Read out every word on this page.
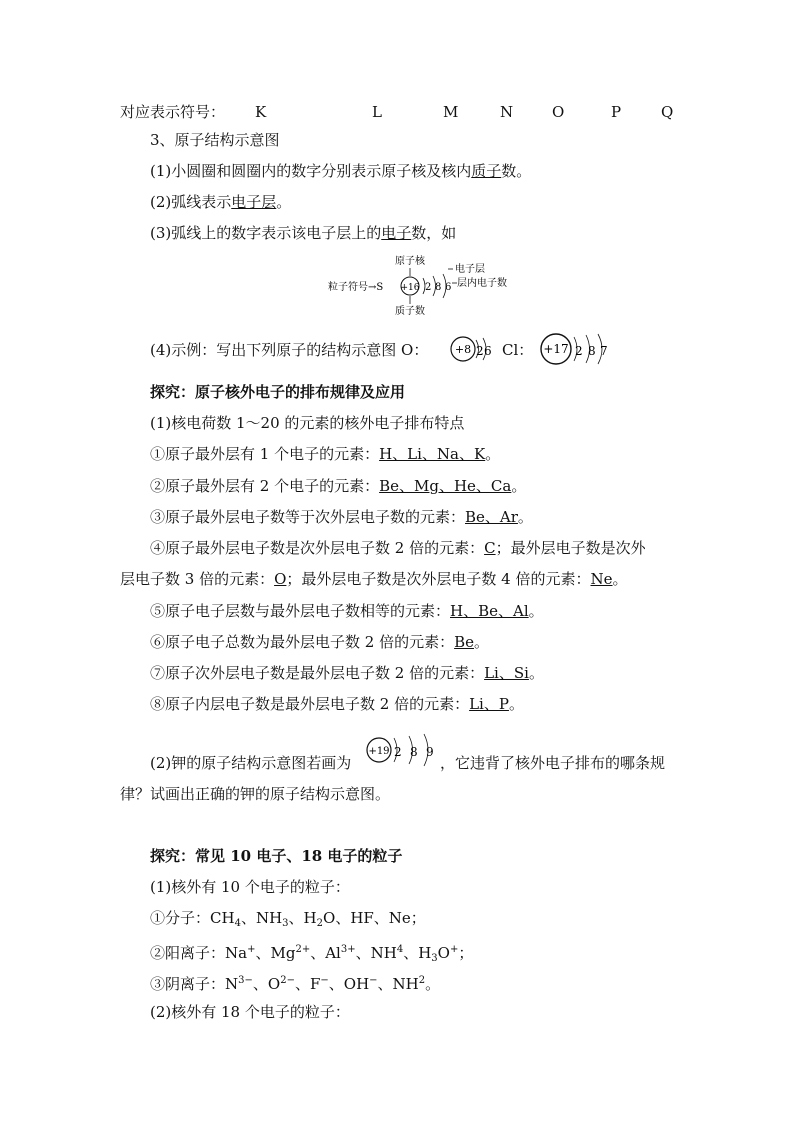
对应表示符号： K	L	M	N	O	P	Q
3、原子结构示意图
(1)小圆圈和圆圈内的数字分别表示原子核及核内质子数。
(2)弧线表示电子层。
(3)弧线上的数字表示该电子层上的电子数，如
原子核
粒子符号→S +16 2 8 6
电子层
层内电子数
质子数
(4)示例：写出下列原子的结构示意图 O： +8 2 6 Cl： +17 2 8 7
探究：原子核外电子的排布规律及应用
(1)核电荷数 1～20 的元素的核外电子排布特点
①原子最外层有 1 个电子的元素：H、Li、Na、K。
②原子最外层有 2 个电子的元素：Be、Mg、He、Ca。
③原子最外层电子数等于次外层电子数的元素：Be、Ar。
④原子最外层电子数是次外层电子数 2 倍的元素：C；最外层电子数是次外
层电子数 3 倍的元素：O；最外层电子数是次外层电子数 4 倍的元素：Ne。
⑤原子电子层数与最外层电子数相等的元素：H、Be、Al。
⑥原子电子总数为最外层电子数 2 倍的元素：Be。
⑦原子次外层电子数是最外层电子数 2 倍的元素：Li、Si。
⑧原子内层电子数是最外层电子数 2 倍的元素：Li、P。
(2)钾的原子结构示意图若画为
+19 2 8 9
，它违背了核外电子排布的哪条规
律？试画出正确的钾的原子结构示意图。
探究：常见 10 电子、18 电子的粒子
(1)核外有 10 个电子的粒子：
①分子：$CH_4$、$NH_3$、$H_2O$、HF、Ne；
②阳离子：Na+、$Mg^{2+}$、$Al^{3+}$、$NH^4$、$H_3O^+$；
③阴离子：$N^{3-}$、$O^{2-}$、F−、OH−、$NH^2$。
(2)核外有 18 个电子的粒子：
